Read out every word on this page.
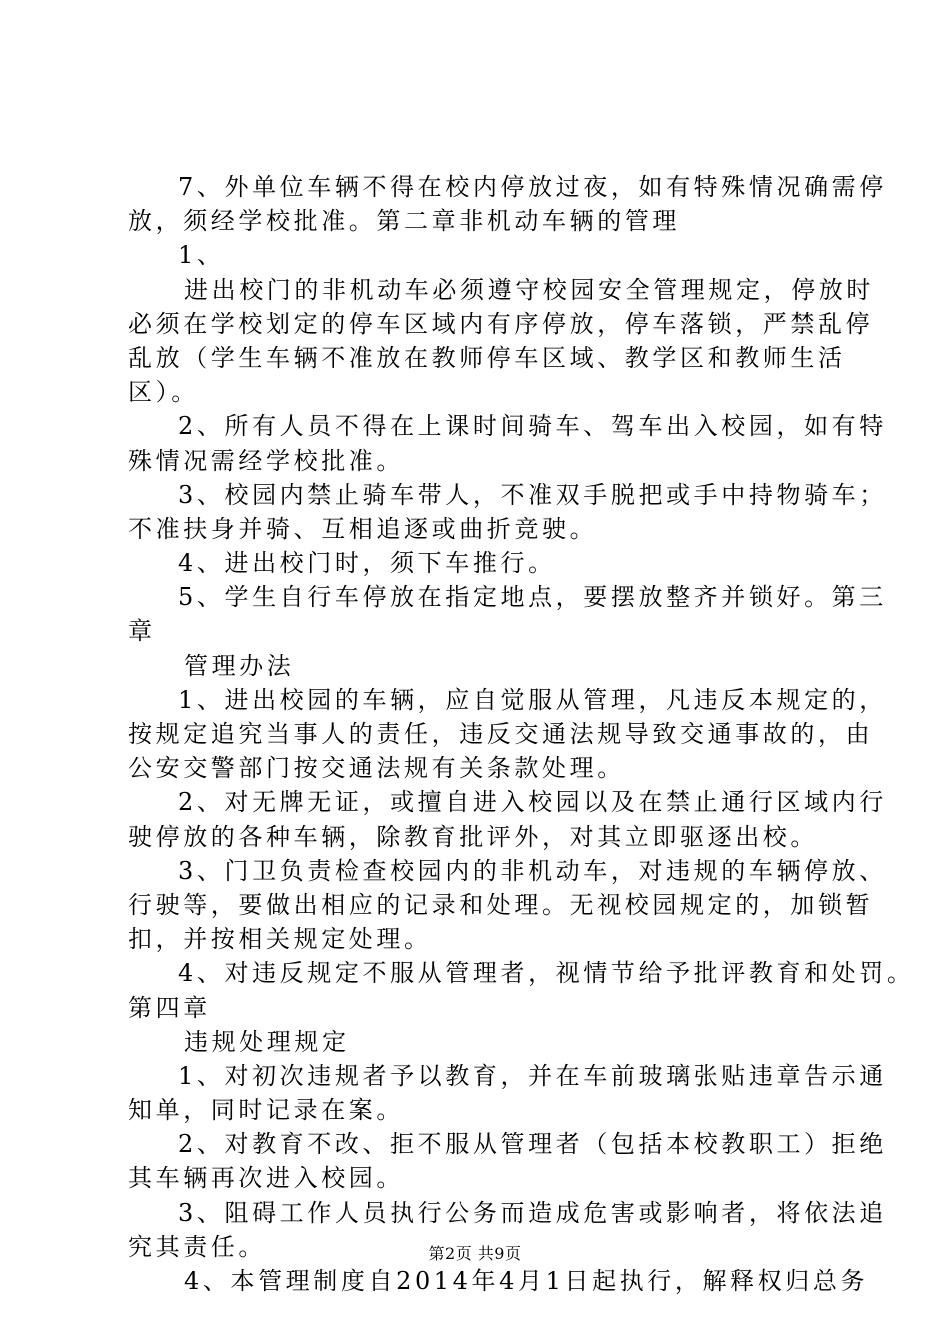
7、外单位车辆不得在校内停放过夜，如有特殊情况确需停
放，须经学校批准。第二章非机动车辆的管理
1、
进出校门的非机动车必须遵守校园安全管理规定，停放时
必须在学校划定的停车区域内有序停放，停车落锁，严禁乱停
乱放（学生车辆不准放在教师停车区域、教学区和教师生活
区）。
2、所有人员不得在上课时间骑车、驾车出入校园，如有特
殊情况需经学校批准。
3、校园内禁止骑车带人，不准双手脱把或手中持物骑车；
不准扶身并骑、互相追逐或曲折竞驶。
4、进出校门时，须下车推行。
5、学生自行车停放在指定地点，要摆放整齐并锁好。第三
章
管理办法
1、进出校园的车辆，应自觉服从管理，凡违反本规定的，
按规定追究当事人的责任，违反交通法规导致交通事故的，由
公安交警部门按交通法规有关条款处理。
2、对无牌无证，或擅自进入校园以及在禁止通行区域内行
驶停放的各种车辆，除教育批评外，对其立即驱逐出校。
3、门卫负责检查校园内的非机动车，对违规的车辆停放、
行驶等，要做出相应的记录和处理。无视校园规定的，加锁暂
扣，并按相关规定处理。
4、对违反规定不服从管理者，视情节给予批评教育和处罚。
第四章
违规处理规定
1、对初次违规者予以教育，并在车前玻璃张贴违章告示通
知单，同时记录在案。
2、对教育不改、拒不服从管理者（包括本校教职工）拒绝
其车辆再次进入校园。
3、阻碍工作人员执行公务而造成危害或影响者，将依法追
究其责任。
4、本管理制度自2014年4月1日起执行，解释权归总务
第2页 共9页
